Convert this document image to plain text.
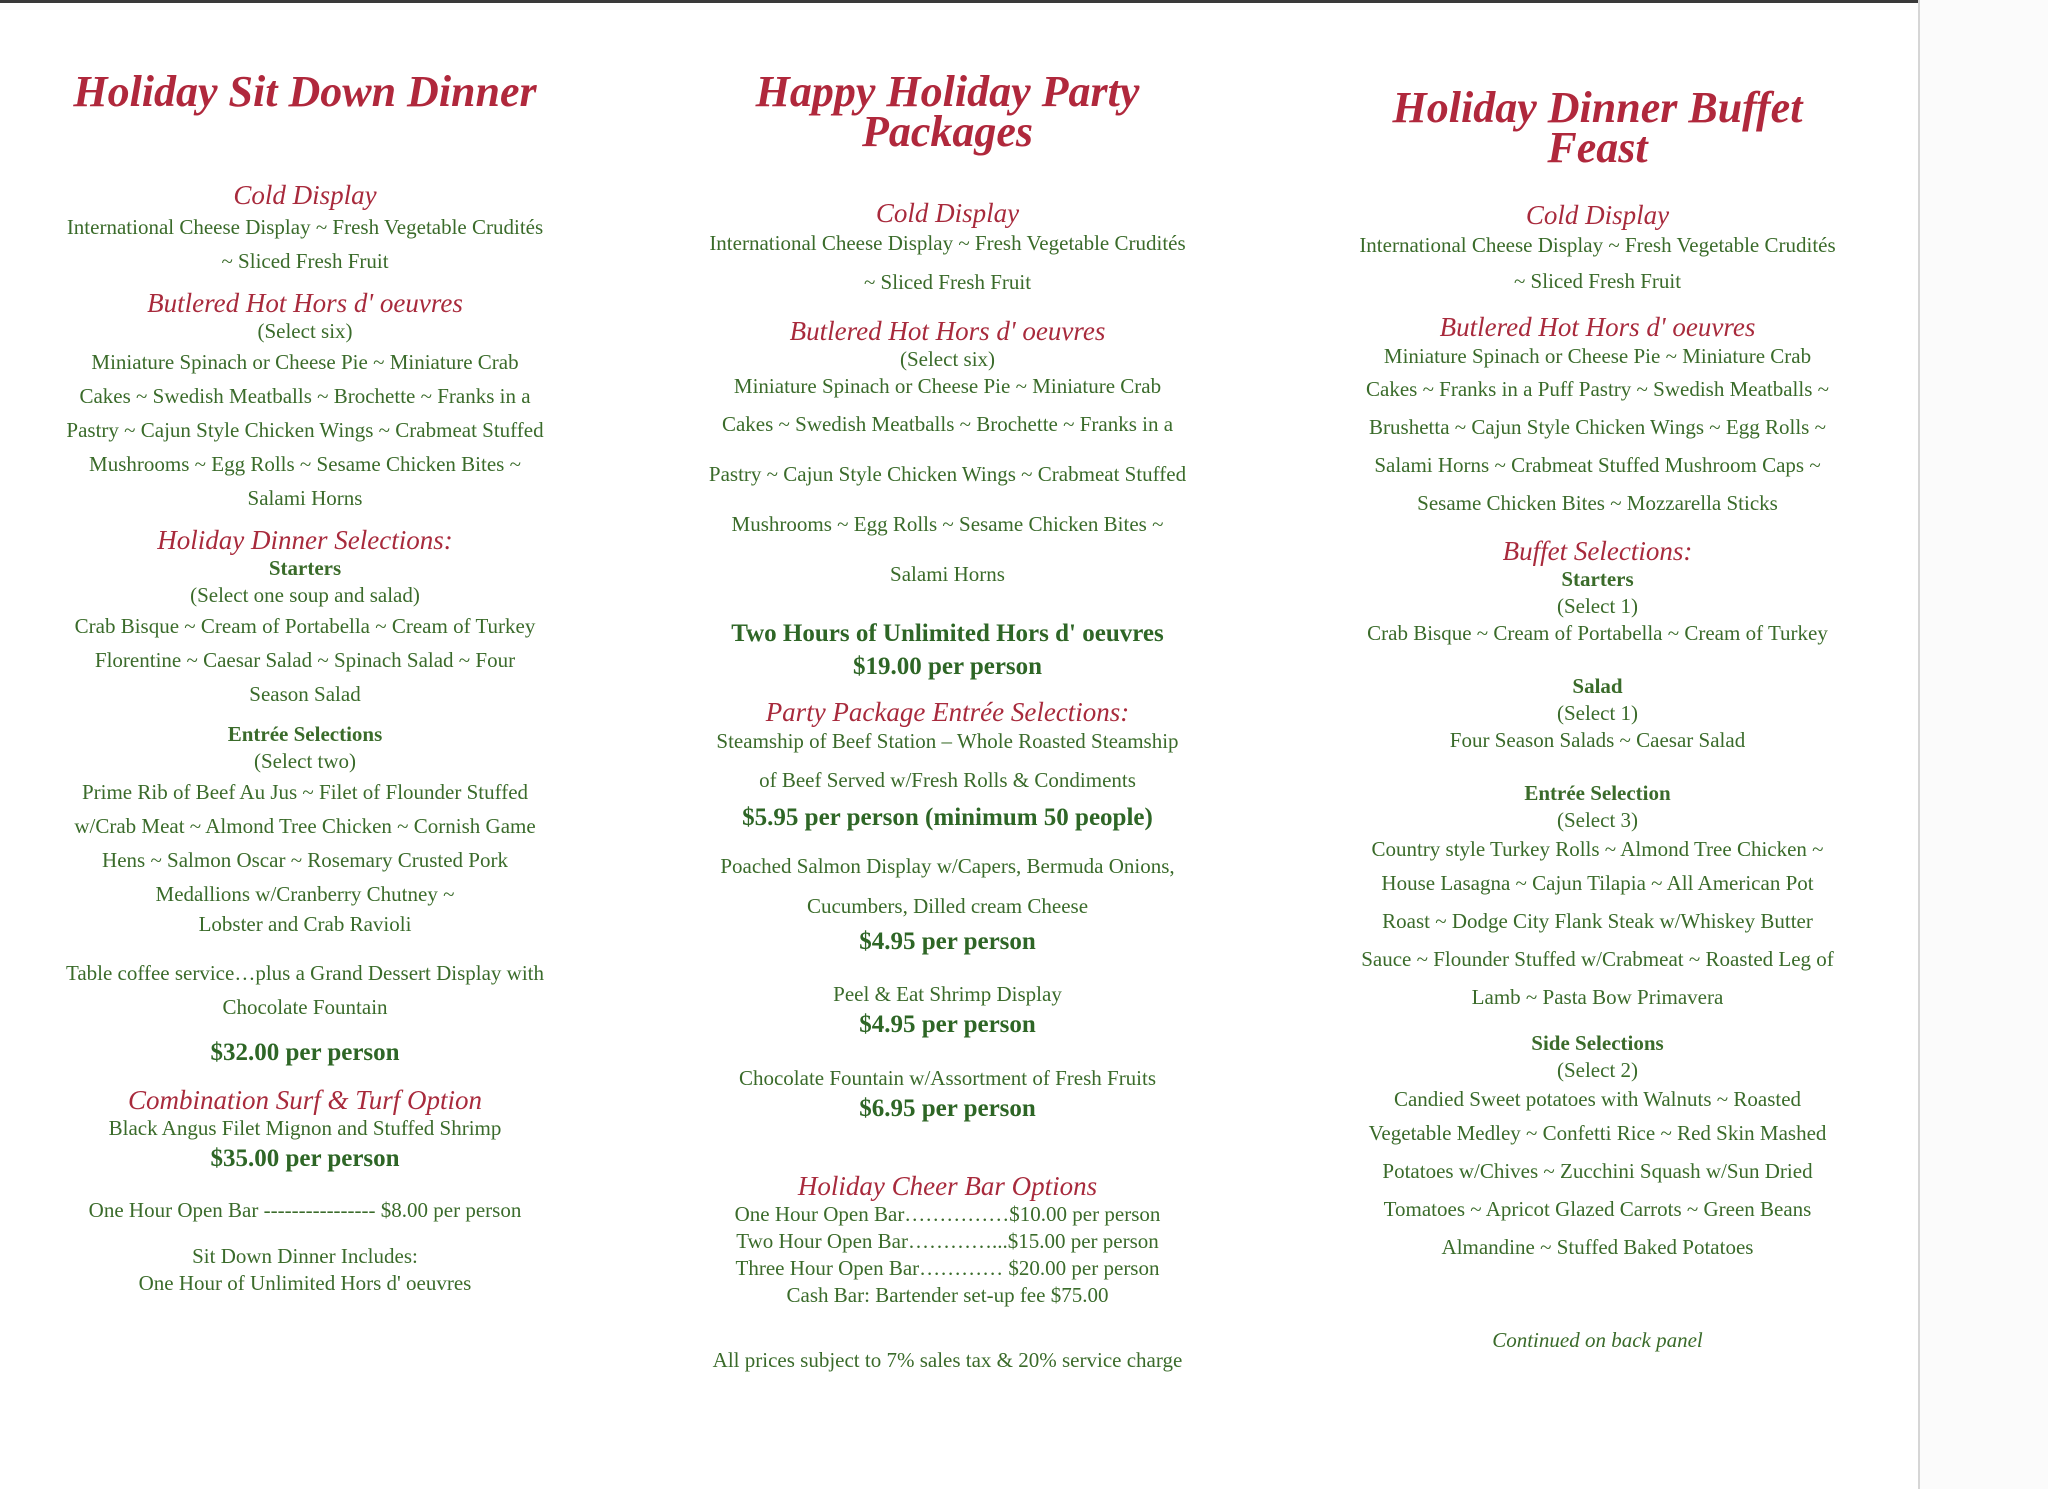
Holiday Sit Down Dinner
Cold Display
International Cheese Display ~ Fresh Vegetable Crudités
~ Sliced Fresh Fruit
Butlered Hot Hors d' oeuvres
(Select six)
Miniature Spinach or Cheese Pie ~ Miniature Crab
Cakes ~ Swedish Meatballs ~ Brochette ~ Franks in a
Pastry ~ Cajun Style Chicken Wings ~ Crabmeat Stuffed
Mushrooms ~ Egg Rolls ~ Sesame Chicken Bites ~
Salami Horns
Holiday Dinner Selections:
Starters
(Select one soup and salad)
Crab Bisque ~ Cream of Portabella ~ Cream of Turkey
Florentine ~ Caesar Salad ~ Spinach Salad ~ Four
Season Salad
Entrée Selections
(Select two)
Prime Rib of Beef Au Jus ~ Filet of Flounder Stuffed
w/Crab Meat ~ Almond Tree Chicken ~ Cornish Game
Hens ~ Salmon Oscar ~ Rosemary Crusted Pork
Medallions w/Cranberry Chutney ~
Lobster and Crab Ravioli
Table coffee service…plus a Grand Dessert Display with
Chocolate Fountain
$32.00 per person
Combination Surf & Turf Option
Black Angus Filet Mignon and Stuffed Shrimp
$35.00 per person
One Hour Open Bar ---------------- $8.00 per person
Sit Down Dinner Includes:
One Hour of Unlimited Hors d' oeuvres
Happy Holiday Party
Packages
Cold Display
International Cheese Display ~ Fresh Vegetable Crudités
~ Sliced Fresh Fruit
Butlered Hot Hors d' oeuvres
(Select six)
Miniature Spinach or Cheese Pie ~ Miniature Crab
Cakes ~ Swedish Meatballs ~ Brochette ~ Franks in a
Pastry ~ Cajun Style Chicken Wings ~ Crabmeat Stuffed
Mushrooms ~ Egg Rolls ~ Sesame Chicken Bites ~
Salami Horns
Two Hours of Unlimited Hors d' oeuvres
$19.00 per person
Party Package Entrée Selections:
Steamship of Beef Station – Whole Roasted Steamship
of Beef Served w/Fresh Rolls & Condiments
$5.95 per person (minimum 50 people)
Poached Salmon Display w/Capers, Bermuda Onions,
Cucumbers, Dilled cream Cheese
$4.95 per person
Peel & Eat Shrimp Display
$4.95 per person
Chocolate Fountain w/Assortment of Fresh Fruits
$6.95 per person
Holiday Cheer Bar Options
One Hour Open Bar……………$10.00 per person
Two Hour Open Bar…………...$15.00 per person
Three Hour Open Bar………… $20.00 per person
Cash Bar: Bartender set-up fee $75.00
All prices subject to 7% sales tax & 20% service charge
Holiday Dinner Buffet
Feast
Cold Display
International Cheese Display ~ Fresh Vegetable Crudités
~ Sliced Fresh Fruit
Butlered Hot Hors d' oeuvres
Miniature Spinach or Cheese Pie ~ Miniature Crab
Cakes ~ Franks in a Puff Pastry ~ Swedish Meatballs ~
Brushetta ~ Cajun Style Chicken Wings ~ Egg Rolls ~
Salami Horns ~ Crabmeat Stuffed Mushroom Caps ~
Sesame Chicken Bites ~ Mozzarella Sticks
Buffet Selections:
Starters
(Select 1)
Crab Bisque ~ Cream of Portabella ~ Cream of Turkey
Salad
(Select 1)
Four Season Salads ~ Caesar Salad
Entrée Selection
(Select 3)
Country style Turkey Rolls ~ Almond Tree Chicken ~
House Lasagna ~ Cajun Tilapia ~ All American Pot
Roast ~ Dodge City Flank Steak w/Whiskey Butter
Sauce ~ Flounder Stuffed w/Crabmeat ~ Roasted Leg of
Lamb ~ Pasta Bow Primavera
Side Selections
(Select 2)
Candied Sweet potatoes with Walnuts ~ Roasted
Vegetable Medley ~ Confetti Rice ~ Red Skin Mashed
Potatoes w/Chives ~ Zucchini Squash w/Sun Dried
Tomatoes ~ Apricot Glazed Carrots ~ Green Beans
Almandine ~ Stuffed Baked Potatoes
Continued on back panel
